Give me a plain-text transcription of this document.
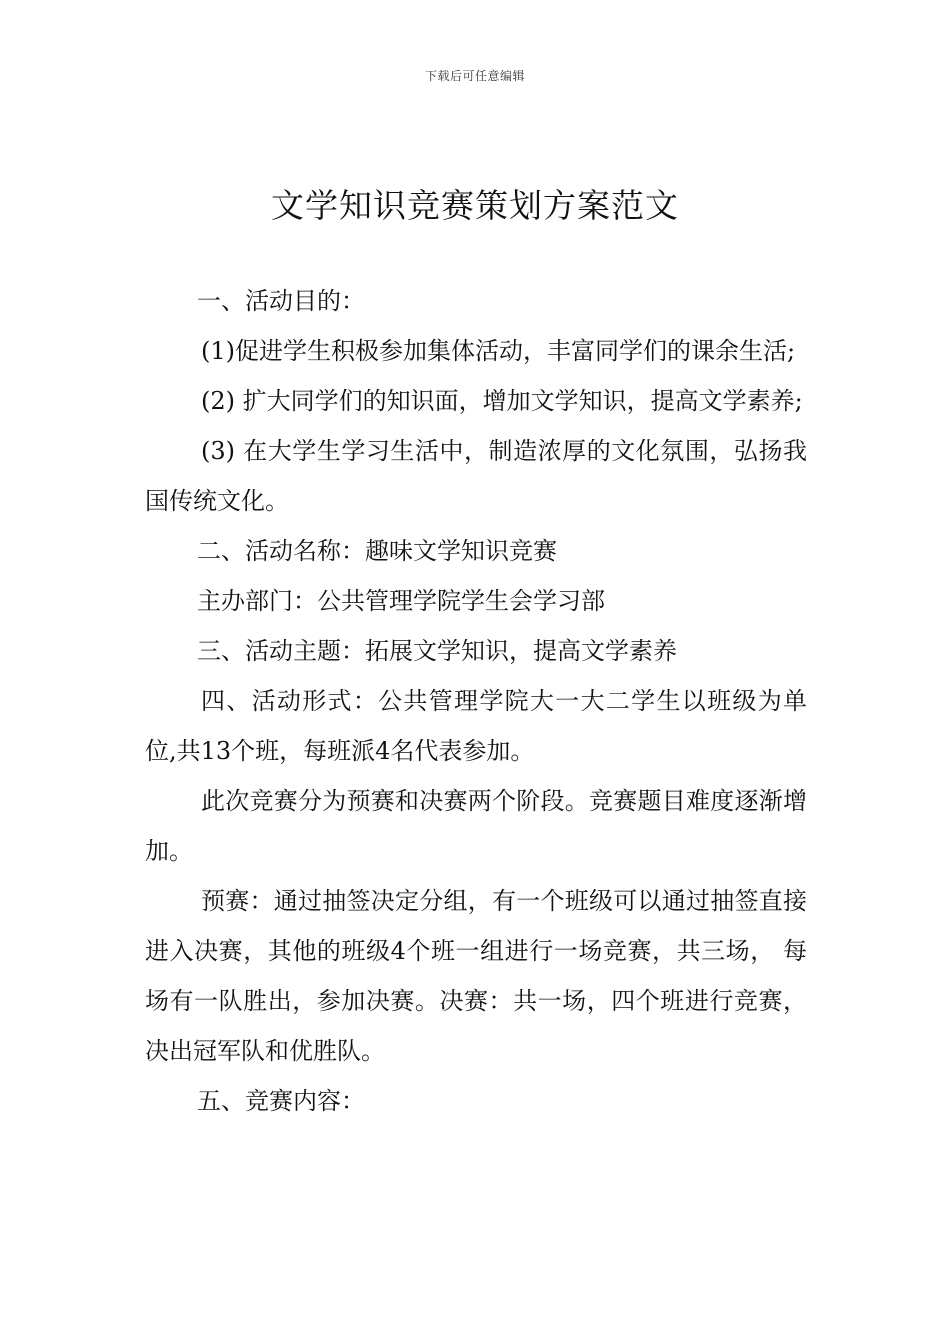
下载后可任意编辑
文学知识竞赛策划方案范文

一、活动目的：

(1)促进学生积极参加集体活动，丰富同学们的课余生活;

(2) 扩大同学们的知识面，增加文学知识，提高文学素养;

(3) 在大学生学习生活中，制造浓厚的文化氛围，弘扬我国传统文化。

二、活动名称：趣味文学知识竞赛

主办部门：公共管理学院学生会学习部

三、活动主题：拓展文学知识，提高文学素养

四、活动形式：公共管理学院大一大二学生以班级为单位,共13个班，每班派4名代表参加。

此次竞赛分为预赛和决赛两个阶段。竞赛题目难度逐渐增加。

预赛：通过抽签决定分组，有一个班级可以通过抽签直接进入决赛，其他的班级4个班一组进行一场竞赛，共三场， 每场有一队胜出，参加决赛。决赛：共一场，四个班进行竞赛，决出冠军队和优胜队。

五、竞赛内容：
